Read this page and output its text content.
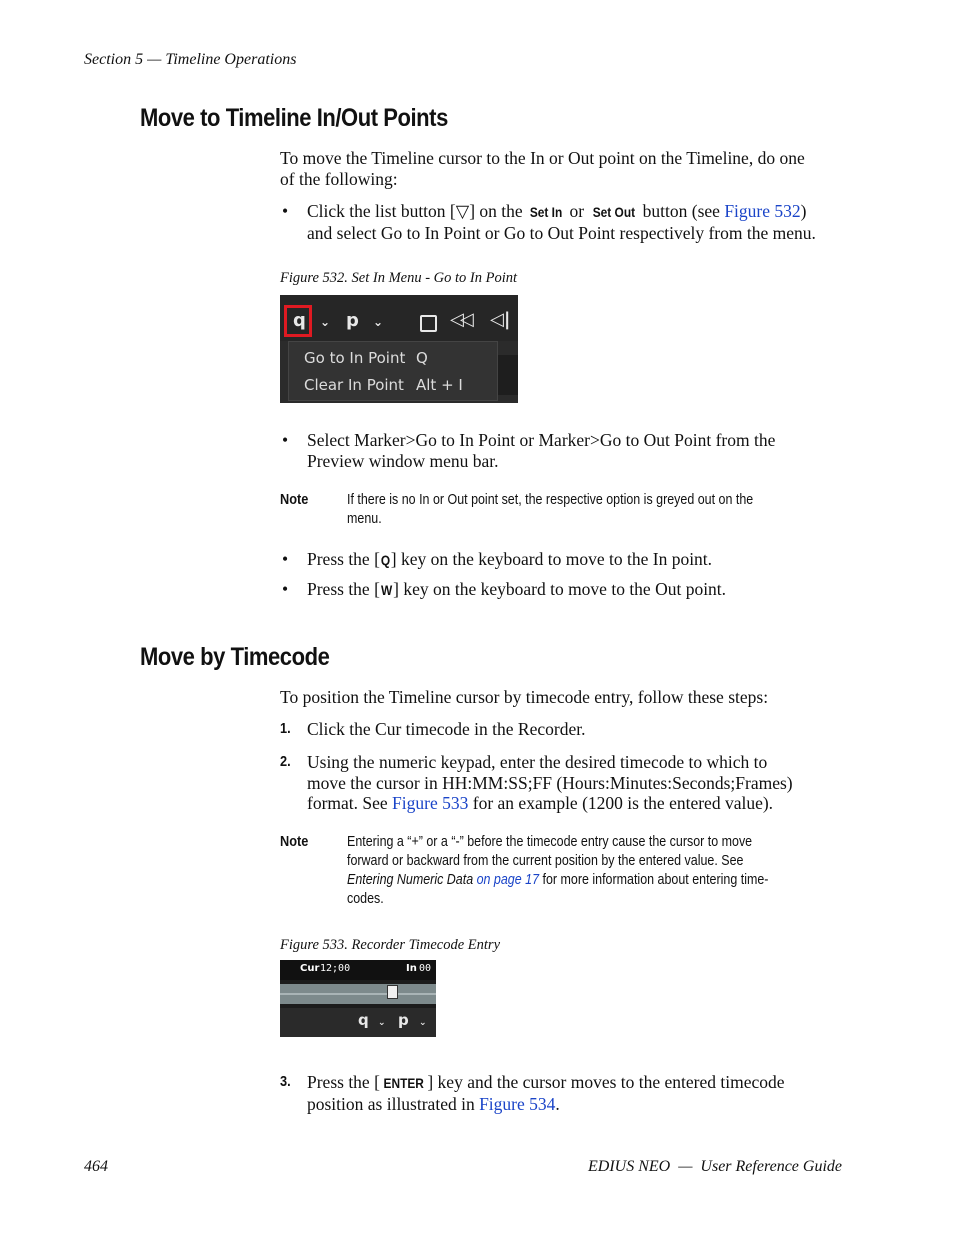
Section 5 — Timeline Operations
Move to Timeline In/Out Points
To move the Timeline cursor to the In or Out point on the Timeline, do one
of the following:
• Click the list button [▽] on the Set In or Set Out button (see Figure 532)
and select Go to In Point or Go to Out Point respectively from the menu.
Figure 532. Set In Menu - Go to In Point
q ⌄ p ⌄	◁◁ ◁|
Go to In Point Q
Clear In Point Alt + I
• Select Marker>Go to In Point or Marker>Go to Out Point from the
Preview window menu bar.
Note	If there is no In or Out point set, the respective option is greyed out on the
menu.
• Press the [Q] key on the keyboard to move to the In point.
• Press the [W] key on the keyboard to move to the Out point.
Move by Timecode
To position the Timeline cursor by timecode entry, follow these steps:
1. Click the Cur timecode in the Recorder.
2. Using the numeric keypad, enter the desired timecode to which to
move the cursor in HH:MM:SS;FF (Hours:Minutes:Seconds;Frames)
format. See Figure 533 for an example (1200 is the entered value).
Note	Entering a “+” or a “-” before the timecode entry cause the cursor to move
forward or backward from the current position by the entered value. See
Entering Numeric Data on page 17 for more information about entering time-
codes.
Figure 533. Recorder Timecode Entry
Cur 12;00	In 00
q ⌄ p ⌄
3. Press the [ ENTER ] key and the cursor moves to the entered timecode
position as illustrated in Figure 534.
464	EDIUS NEO  —  User Reference Guide
